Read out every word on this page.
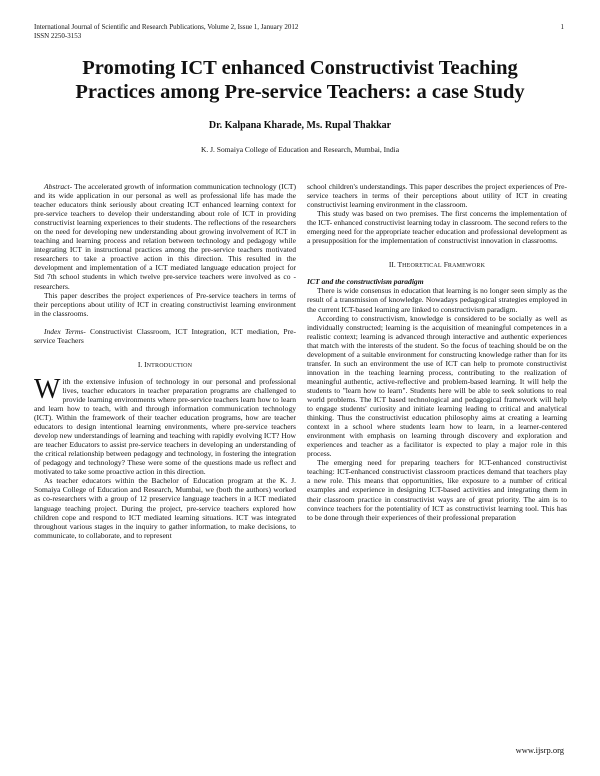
International Journal of Scientific and Research Publications, Volume 2, Issue 1, January 2012
ISSN 2250-3153
1
Promoting ICT enhanced Constructivist Teaching
Practices among Pre-service Teachers: a case Study
Dr. Kalpana Kharade, Ms. Rupal Thakkar
K. J. Somaiya College of Education and Research, Mumbai, India

Abstract- The accelerated growth of information communication technology (ICT) and its wide application in our personal as well as professional life has made the teacher educators think seriously about creating ICT enhanced learning context for pre-service teachers to develop their understanding about role of ICT in providing constructivist learning experiences to their students. The reflections of the researchers on the need for developing new understanding about growing involvement of ICT in teaching and learning process and relation between technology and pedagogy while integrating ICT in instructional practices among the pre-service teachers motivated researchers to take a proactive action in this direction. This resulted in the development and implementation of a ICT mediated language education project for Std 7th school students in which twelve pre-service teachers were involved as co -researchers.

This paper describes the project experiences of Pre-service teachers in terms of their perceptions about utility of ICT in creating constructivist learning environment in the classrooms.

Index Terms- Constructivist Classroom, ICT Integration, ICT mediation, Pre-service Teachers

I. INTRODUCTION

With the extensive infusion of technology in our personal and professional lives, teacher educators in teacher preparation programs are challenged to provide learning environments where pre-service teachers learn how to learn and learn how to teach, with and through information communication technology (ICT). Within the framework of their teacher education programs, how are teacher educators to design intentional learning environments, where pre-service teachers develop new understandings of learning and teaching with rapidly evolving ICT? How are teacher Educators to assist pre-service teachers in developing an understanding of the critical relationship between pedagogy and technology, in fostering the integration of pedagogy and technology? These were some of the questions made us reflect and motivated to take some proactive action in this direction.

As teacher educators within the Bachelor of Education program at the K. J. Somaiya College of Education and Research, Mumbai, we (both the authors) worked as co-researchers with a group of 12 preservice language teachers in a ICT mediated language teaching project. During the project, pre-service teachers explored how children cope and respond to ICT mediated learning situations. ICT was integrated throughout various stages in the inquiry to gather information, to make decisions, to communicate, to collaborate, and to represent

school children's understandings. This paper describes the project experiences of Pre-service teachers in terms of their perceptions about utility of ICT in creating constructivist learning environment in the classroom.

This study was based on two premises. The first concerns the implementation of the ICT- enhanced constructivist learning today in classroom. The second refers to the emerging need for the appropriate teacher education and professional development as a presupposition for the implementation of constructivist innovation in classrooms.

II. THEORETICAL FRAMEWORK

ICT and the constructivism paradigm

There is wide consensus in education that learning is no longer seen simply as the result of a transmission of knowledge. Nowadays pedagogical strategies employed in the current ICT-based learning are linked to constructivism paradigm.

According to constructivism, knowledge is considered to be socially as well as individually constructed; learning is the acquisition of meaningful competences in a realistic context; learning is advanced through interactive and authentic experiences that match with the interests of the student. So the focus of teaching should be on the development of a suitable environment for constructing knowledge rather than for its transfer. In such an environment the use of ICT can help to promote constructivist innovation in the teaching learning process, contributing to the realization of meaningful authentic, active-reflective and problem-based learning. It will help the students to "learn how to learn". Students here will be able to seek solutions to real world problems. The ICT based technological and pedagogical framework will help to engage students' curiosity and initiate learning leading to critical and analytical thinking. Thus the constructivist education philosophy aims at creating a learning context in a school where students learn how to learn, in a learner-centered environment with emphasis on learning through discovery and exploration and experiences and teacher as a facilitator is expected to play a major role in this process.

The emerging need for preparing teachers for ICT-enhanced constructivist teaching: ICT-enhanced constructivist classroom practices demand that teachers play a new role. This means that opportunities, like exposure to a number of critical examples and experience in designing ICT-based activities and integrating them in their classroom practice in constructivist ways are of great priority. The aim is to convince teachers for the potentiality of ICT as constructivist learning tool. This has to be done through their experiences of their professional preparation

www.ijsrp.org
